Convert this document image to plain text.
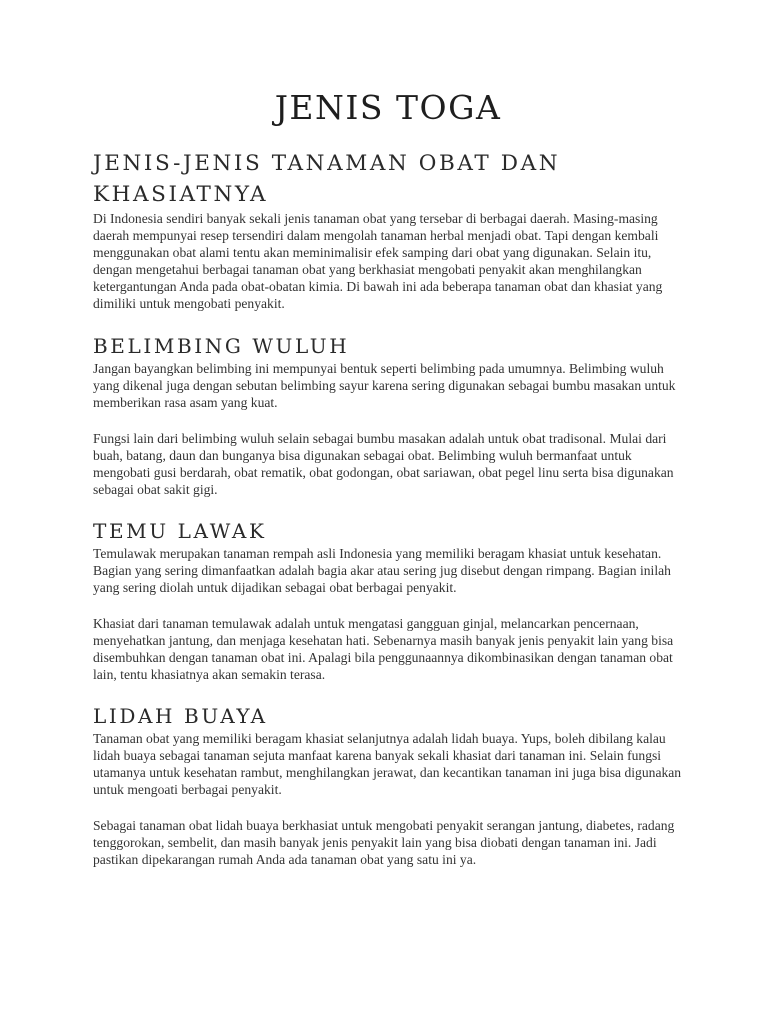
JENIS TOGA
JENIS-JENIS TANAMAN OBAT DAN KHASIATNYA

Di Indonesia sendiri banyak sekali jenis tanaman obat yang tersebar di berbagai daerah. Masing-masing daerah mempunyai resep tersendiri dalam mengolah tanaman herbal menjadi obat. Tapi dengan kembali menggunakan obat alami tentu akan meminimalisir efek samping dari obat yang digunakan. Selain itu, dengan mengetahui berbagai tanaman obat yang berkhasiat mengobati penyakit akan menghilangkan ketergantungan Anda pada obat-obatan kimia. Di bawah ini ada beberapa tanaman obat dan khasiat yang dimiliki untuk mengobati penyakit.

BELIMBING WULUH

Jangan bayangkan belimbing ini mempunyai bentuk seperti belimbing pada umumnya. Belimbing wuluh yang dikenal juga dengan sebutan belimbing sayur karena sering digunakan sebagai bumbu masakan untuk memberikan rasa asam yang kuat.

Fungsi lain dari belimbing wuluh selain sebagai bumbu masakan adalah untuk obat tradisonal. Mulai dari buah, batang, daun dan bunganya bisa digunakan sebagai obat. Belimbing wuluh bermanfaat untuk mengobati gusi berdarah, obat rematik, obat godongan, obat sariawan, obat pegel linu serta bisa digunakan sebagai obat sakit gigi.

TEMU LAWAK

Temulawak merupakan tanaman rempah asli Indonesia yang memiliki beragam khasiat untuk kesehatan. Bagian yang sering dimanfaatkan adalah bagia akar atau sering jug disebut dengan rimpang. Bagian inilah yang sering diolah untuk dijadikan sebagai obat berbagai penyakit.

Khasiat dari tanaman temulawak adalah untuk mengatasi gangguan ginjal, melancarkan pencernaan, menyehatkan jantung, dan menjaga kesehatan hati. Sebenarnya masih banyak jenis penyakit lain yang bisa disembuhkan dengan tanaman obat ini. Apalagi bila penggunaannya dikombinasikan dengan tanaman obat lain, tentu khasiatnya akan semakin terasa.

LIDAH BUAYA

Tanaman obat yang memiliki beragam khasiat selanjutnya adalah lidah buaya. Yups, boleh dibilang kalau lidah buaya sebagai tanaman sejuta manfaat karena banyak sekali khasiat dari tanaman ini. Selain fungsi utamanya untuk kesehatan rambut, menghilangkan jerawat, dan kecantikan tanaman ini juga bisa digunakan untuk mengoati berbagai penyakit.

Sebagai tanaman obat lidah buaya berkhasiat untuk mengobati penyakit serangan jantung, diabetes, radang tenggorokan, sembelit, dan masih banyak jenis penyakit lain yang bisa diobati dengan tanaman ini. Jadi pastikan dipekarangan rumah Anda ada tanaman obat yang satu ini ya.
